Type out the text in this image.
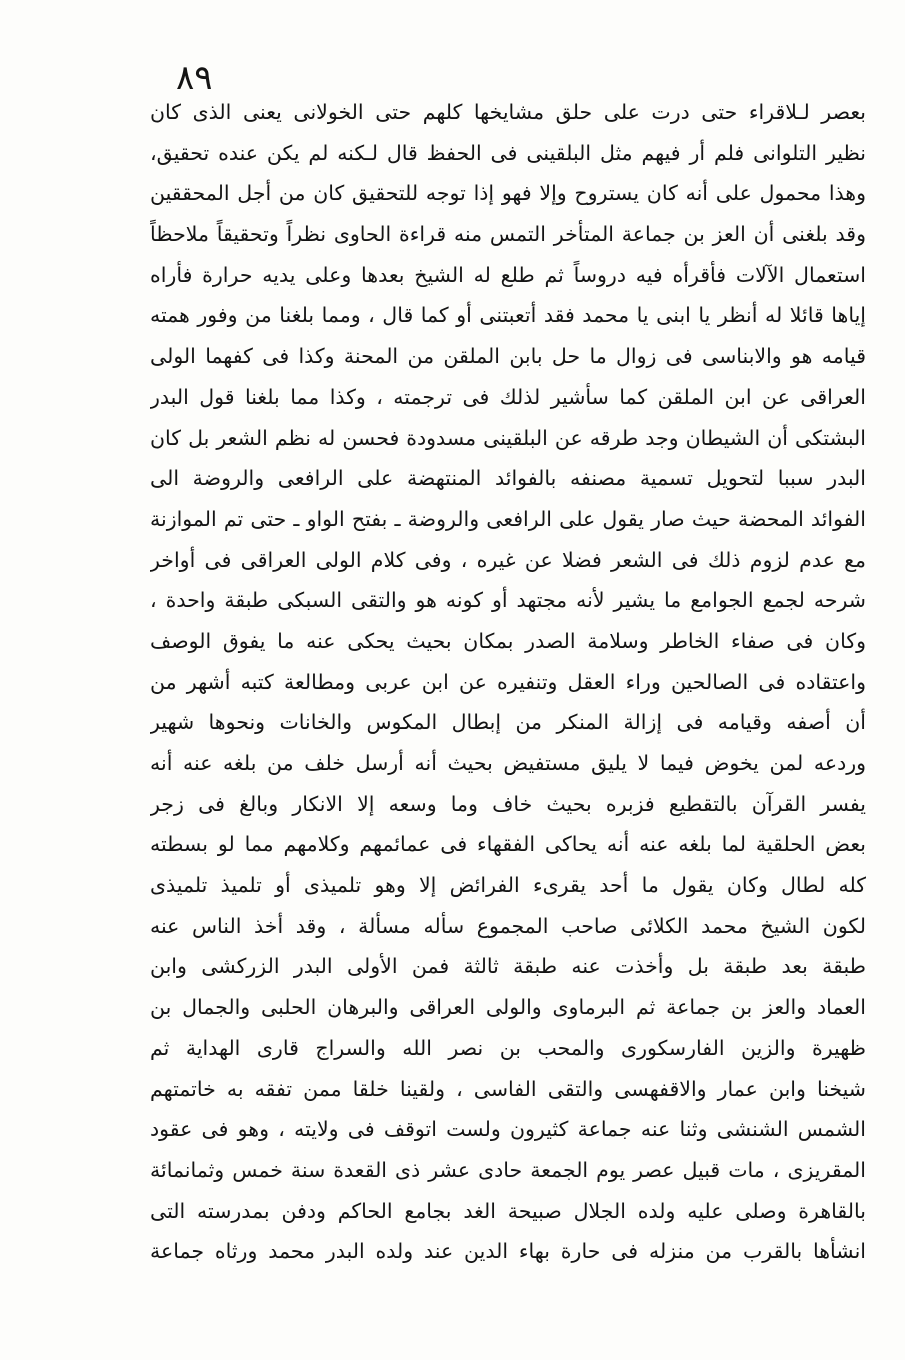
٨٩
بعصر لـلاقراء حتى درت على حلق مشايخها كلهم حتى الخولانى يعنى الذى كان
نظير التلوانى فلم أر فيهم مثل البلقينى فى الحفظ قال لـكنه لم يكن عنده تحقيق،
وهذا محمول على أنه كان يستروح وإلا فهو إذا توجه للتحقيق كان من أجل المحققين
وقد بلغنى أن العز بن جماعة المتأخر التمس منه قراءة الحاوى نظراً وتحقيقاً ملاحظاً
استعمال الآلات فأقرأه فيه دروساً ثم طلع له الشيخ بعدها وعلى يديه حرارة فأراه
إياها قائلا له أنظر يا ابنى يا محمد فقد أتعبتنى أو كما قال ، ومما بلغنا من وفور همته
قيامه هو والابناسى فى زوال ما حل بابن الملقن من المحنة وكذا فى كفهما الولى
العراقى عن ابن الملقن كما سأشير لذلك فى ترجمته ، وكذا مما بلغنا قول البدر
البشتكى أن الشيطان وجد طرقه عن البلقينى مسدودة فحسن له نظم الشعر بل كان
البدر سببا لتحويل تسمية مصنفه بالفوائد المنتهضة على الرافعى والروضة الى
الفوائد المحضة حيث صار يقول على الرافعى والروضة ـ بفتح الواو ـ حتى تم الموازنة
مع عدم لزوم ذلك فى الشعر فضلا عن غيره ، وفى كلام الولى العراقى فى أواخر
شرحه لجمع الجوامع ما يشير لأنه مجتهد أو كونه هو والتقى السبكى طبقة واحدة ،
وكان فى صفاء الخاطر وسلامة الصدر بمكان بحيث يحكى عنه ما يفوق الوصف
واعتقاده فى الصالحين وراء العقل وتنفيره عن ابن عربى ومطالعة كتبه أشهر من
أن أصفه وقيامه فى إزالة المنكر من إبطال المكوس والخانات ونحوها شهير
وردعه لمن يخوض فيما لا يليق مستفيض بحيث أنه أرسل خلف من بلغه عنه أنه
يفسر القرآن بالتقطيع فزبره بحيث خاف وما وسعه إلا الانكار وبالغ فى زجر
بعض الحلقية لما بلغه عنه أنه يحاكى الفقهاء فى عمائمهم وكلامهم مما لو بسطته
كله لطال وكان يقول ما أحد يقرىء الفرائض إلا وهو تلميذى أو تلميذ تلميذى
لكون الشيخ محمد الكلائى صاحب المجموع سأله مسألة ، وقد أخذ الناس عنه
طبقة بعد طبقة بل وأخذت عنه طبقة ثالثة فمن الأولى البدر الزركشى وابن
العماد والعز بن جماعة ثم البرماوى والولى العراقى والبرهان الحلبى والجمال بن
ظهيرة والزين الفارسكورى والمحب بن نصر الله والسراج قارى الهداية ثم
شيخنا وابن عمار والاقفهسى والتقى الفاسى ، ولقينا خلقا ممن تفقه به خاتمتهم
الشمس الشنشى وثنا عنه جماعة كثيرون ولست اتوقف فى ولايته ، وهو فى عقود
المقريزى ، مات قبيل عصر يوم الجمعة حادى عشر ذى القعدة سنة خمس وثمانمائة
بالقاهرة وصلى عليه ولده الجلال صبيحة الغد بجامع الحاكم ودفن بمدرسته التى
انشأها بالقرب من منزله فى حارة بهاء الدين عند ولده البدر محمد ورثاه جماعة
